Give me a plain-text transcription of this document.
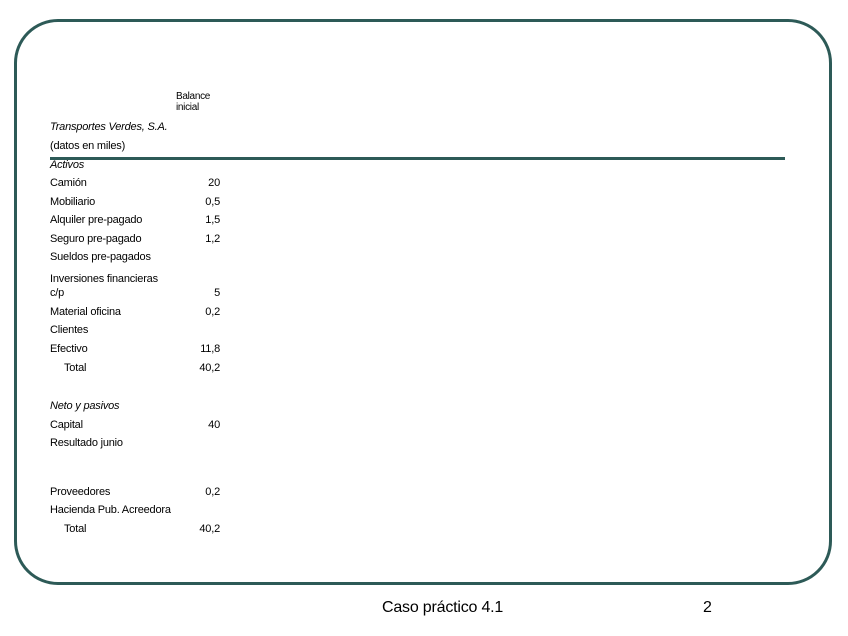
Balance
inicial
Transportes Verdes, S.A.
(datos en miles)
Activos
Camión	20
Mobiliario	0,5
Alquiler pre-pagado	1,5
Seguro pre-pagado	1,2
Sueldos pre-pagados
Inversiones financieras
c/p	5
Material oficina	0,2
Clientes
Efectivo	11,8
Total	40,2
Neto y pasivos
Capital	40
Resultado junio
Proveedores	0,2
Hacienda Pub. Acreedora
Total	40,2
Caso práctico 4.1	2
